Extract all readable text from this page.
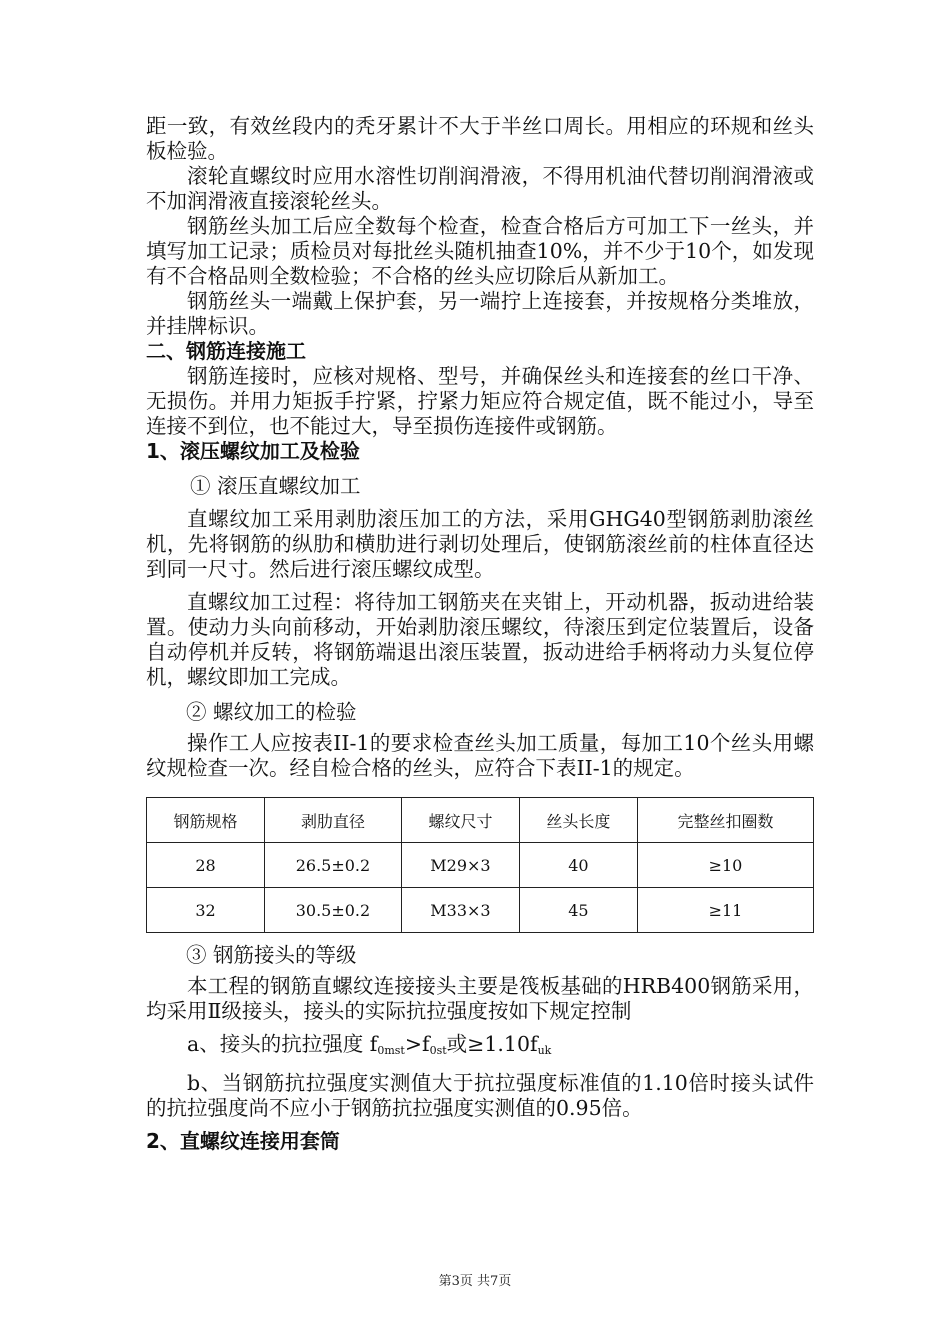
距一致，有效丝段内的秃牙累计不大于半丝口周长。用相应的环规和丝头板检验。

滚轮直螺纹时应用水溶性切削润滑液，不得用机油代替切削润滑液或不加润滑液直接滚轮丝头。

钢筋丝头加工后应全数每个检查，检查合格后方可加工下一丝头，并填写加工记录；质检员对每批丝头随机抽查10%，并不少于10个，如发现有不合格品则全数检验；不合格的丝头应切除后从新加工。

钢筋丝头一端戴上保护套，另一端拧上连接套，并按规格分类堆放，并挂牌标识。

二、钢筋连接施工

钢筋连接时，应核对规格、型号，并确保丝头和连接套的丝口干净、无损伤。并用力矩扳手拧紧，拧紧力矩应符合规定值，既不能过小，导至连接不到位，也不能过大，导至损伤连接件或钢筋。

1、滚压螺纹加工及检验

① 滚压直螺纹加工

直螺纹加工采用剥肋滚压加工的方法，采用GHG40型钢筋剥肋滚丝机，先将钢筋的纵肋和横肋进行剥切处理后，使钢筋滚丝前的柱体直径达到同一尺寸。然后进行滚压螺纹成型。

直螺纹加工过程：将待加工钢筋夹在夹钳上，开动机器，扳动进给装置。使动力头向前移动，开始剥肋滚压螺纹，待滚压到定位装置后，设备自动停机并反转，将钢筋端退出滚压装置，扳动进给手柄将动力头复位停机，螺纹即加工完成。

② 螺纹加工的检验

操作工人应按表II-1的要求检查丝头加工质量，每加工10个丝头用螺纹规检查一次。经自检合格的丝头，应符合下表II-1的规定。

钢筋规格	剥肋直径	螺纹尺寸	丝头长度	完整丝扣圈数
28	26.5±0.2	M29×3	40	≥10
32	30.5±0.2	M33×3	45	≥11

③ 钢筋接头的等级

本工程的钢筋直螺纹连接接头主要是筏板基础的HRB400钢筋采用，均采用Ⅱ级接头，接头的实际抗拉强度按如下规定控制

a、接头的抗拉强度 $f_{0mst}>f_{0st}$或$\ge 1.10f_{uk}$

b、当钢筋抗拉强度实测值大于抗拉强度标准值的1.10倍时接头试件的抗拉强度尚不应小于钢筋抗拉强度实测值的0.95倍。

2、直螺纹连接用套筒

第3页 共7页
